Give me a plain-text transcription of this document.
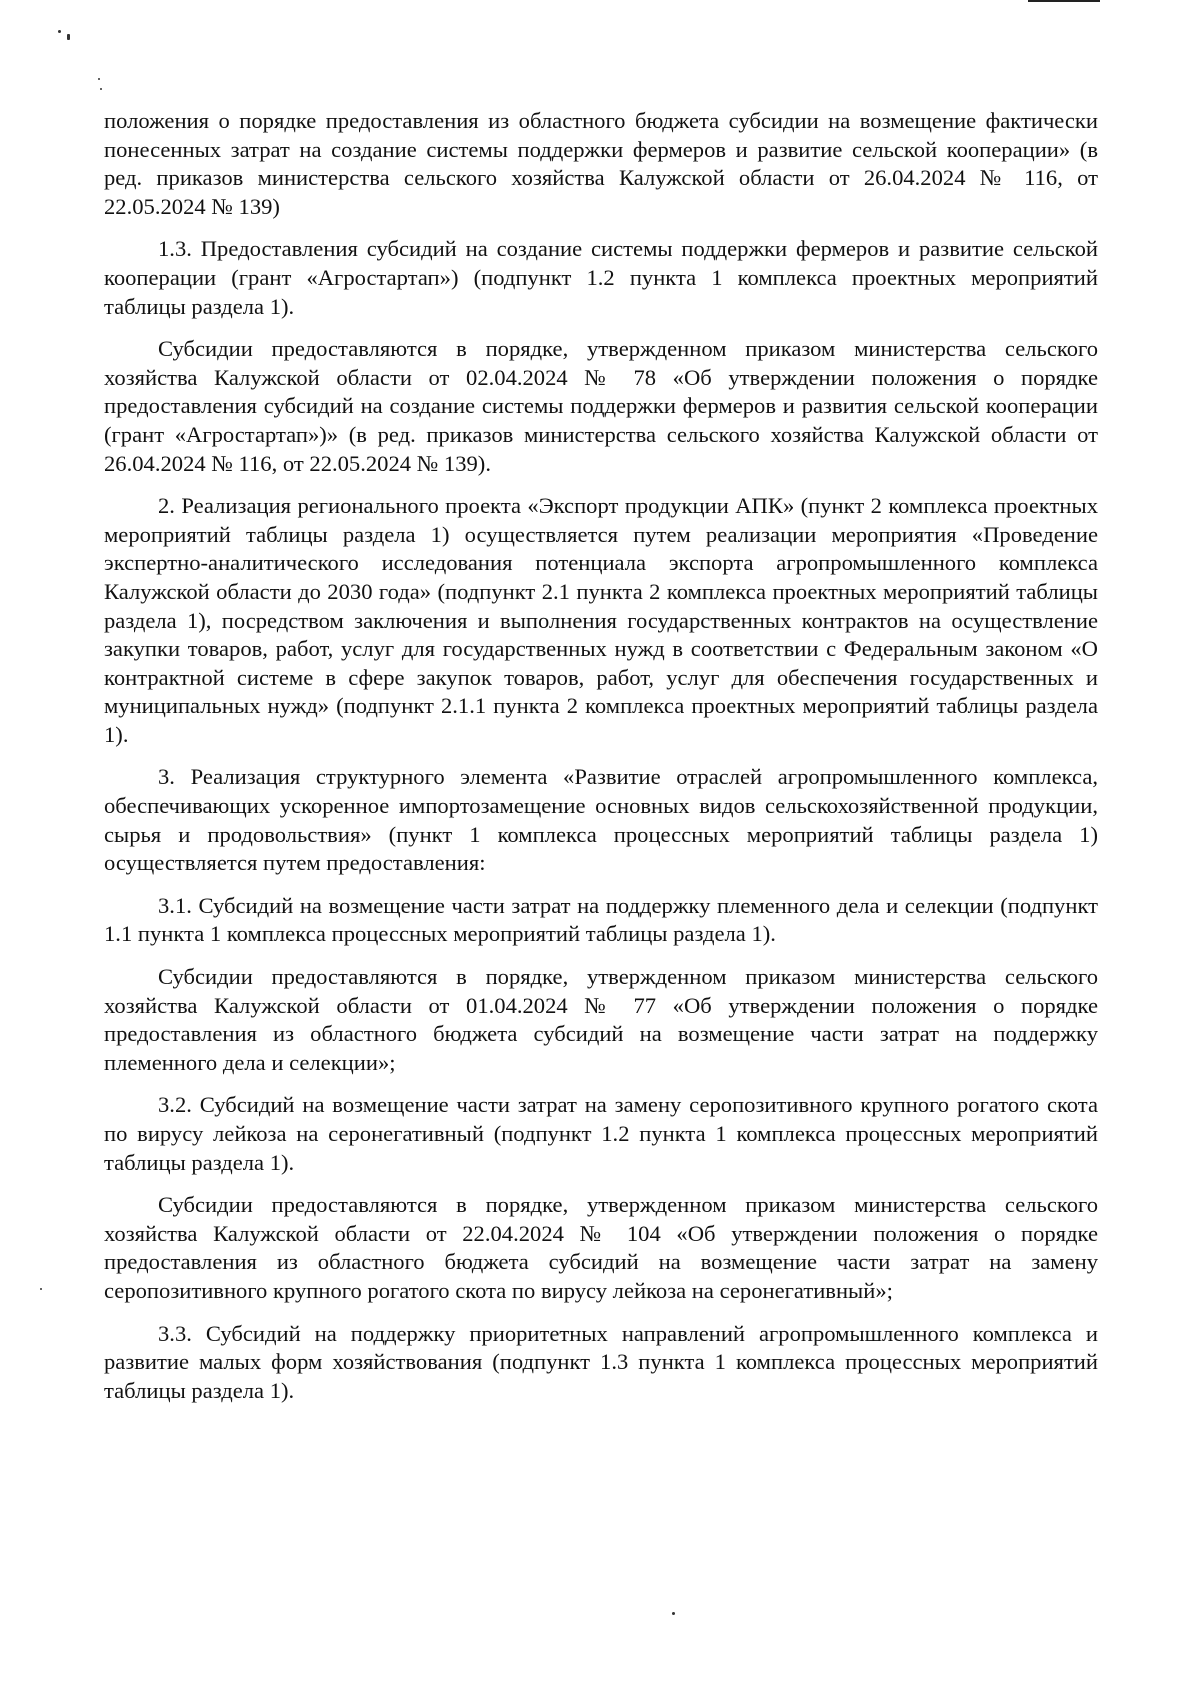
положения о порядке предоставления из областного бюджета субсидии на возмещение фактически понесенных затрат на создание системы поддержки фермеров и развитие сельской кооперации» (в ред. приказов министерства сельского хозяйства Калужской области от 26.04.2024 № 116, от 22.05.2024 № 139)

1.3. Предоставления субсидий на создание системы поддержки фермеров и развитие сельской кооперации (грант «Агростартап») (подпункт 1.2 пункта 1 комплекса проектных мероприятий таблицы раздела 1).

Субсидии предоставляются в порядке, утвержденном приказом министерства сельского хозяйства Калужской области от 02.04.2024 № 78 «Об утверждении положения о порядке предоставления субсидий на создание системы поддержки фермеров и развития сельской кооперации (грант «Агростартап»)» (в ред. приказов министерства сельского хозяйства Калужской области от 26.04.2024 № 116, от 22.05.2024 № 139).

2. Реализация регионального проекта «Экспорт продукции АПК» (пункт 2 комплекса проектных мероприятий таблицы раздела 1) осуществляется путем реализации мероприятия «Проведение экспертно-аналитического исследования потенциала экспорта агропромышленного комплекса Калужской области до 2030 года» (подпункт 2.1 пункта 2 комплекса проектных мероприятий таблицы раздела 1), посредством заключения и выполнения государственных контрактов на осуществление закупки товаров, работ, услуг для государственных нужд в соответствии с Федеральным законом «О контрактной системе в сфере закупок товаров, работ, услуг для обеспечения государственных и муниципальных нужд» (подпункт 2.1.1 пункта 2 комплекса проектных мероприятий таблицы раздела 1).

3. Реализация структурного элемента «Развитие отраслей агропромышленного комплекса, обеспечивающих ускоренное импортозамещение основных видов сельскохозяйственной продукции, сырья и продовольствия» (пункт 1 комплекса процессных мероприятий таблицы раздела 1) осуществляется путем предоставления:

3.1. Субсидий на возмещение части затрат на поддержку племенного дела и селекции (подпункт 1.1 пункта 1 комплекса процессных мероприятий таблицы раздела 1).

Субсидии предоставляются в порядке, утвержденном приказом министерства сельского хозяйства Калужской области от 01.04.2024 № 77 «Об утверждении положения о порядке предоставления из областного бюджета субсидий на возмещение части затрат на поддержку племенного дела и селекции»;

3.2. Субсидий на возмещение части затрат на замену серопозитивного крупного рогатого скота по вирусу лейкоза на серонегативный (подпункт 1.2 пункта 1 комплекса процессных мероприятий таблицы раздела 1).

Субсидии предоставляются в порядке, утвержденном приказом министерства сельского хозяйства Калужской области от 22.04.2024 № 104 «Об утверждении положения о порядке предоставления из областного бюджета субсидий на возмещение части затрат на замену серопозитивного крупного рогатого скота по вирусу лейкоза на серонегативный»;

3.3. Субсидий на поддержку приоритетных направлений агропромышленного комплекса и развитие малых форм хозяйствования (подпункт 1.3 пункта 1 комплекса процессных мероприятий таблицы раздела 1).
